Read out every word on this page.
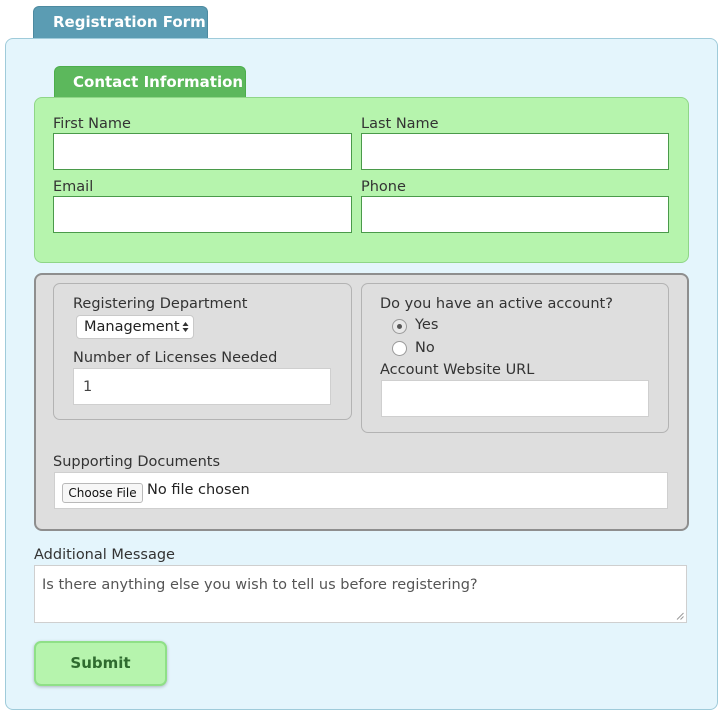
Registration Form
Contact Information
First Name	Last Name
Email	Phone
Registering Department
Management
Number of Licenses Needed
1
Do you have an active account?
Yes
No
Account Website URL
Supporting Documents
Choose File No file chosen
Additional Message
Is there anything else you wish to tell us before registering?
Submit
